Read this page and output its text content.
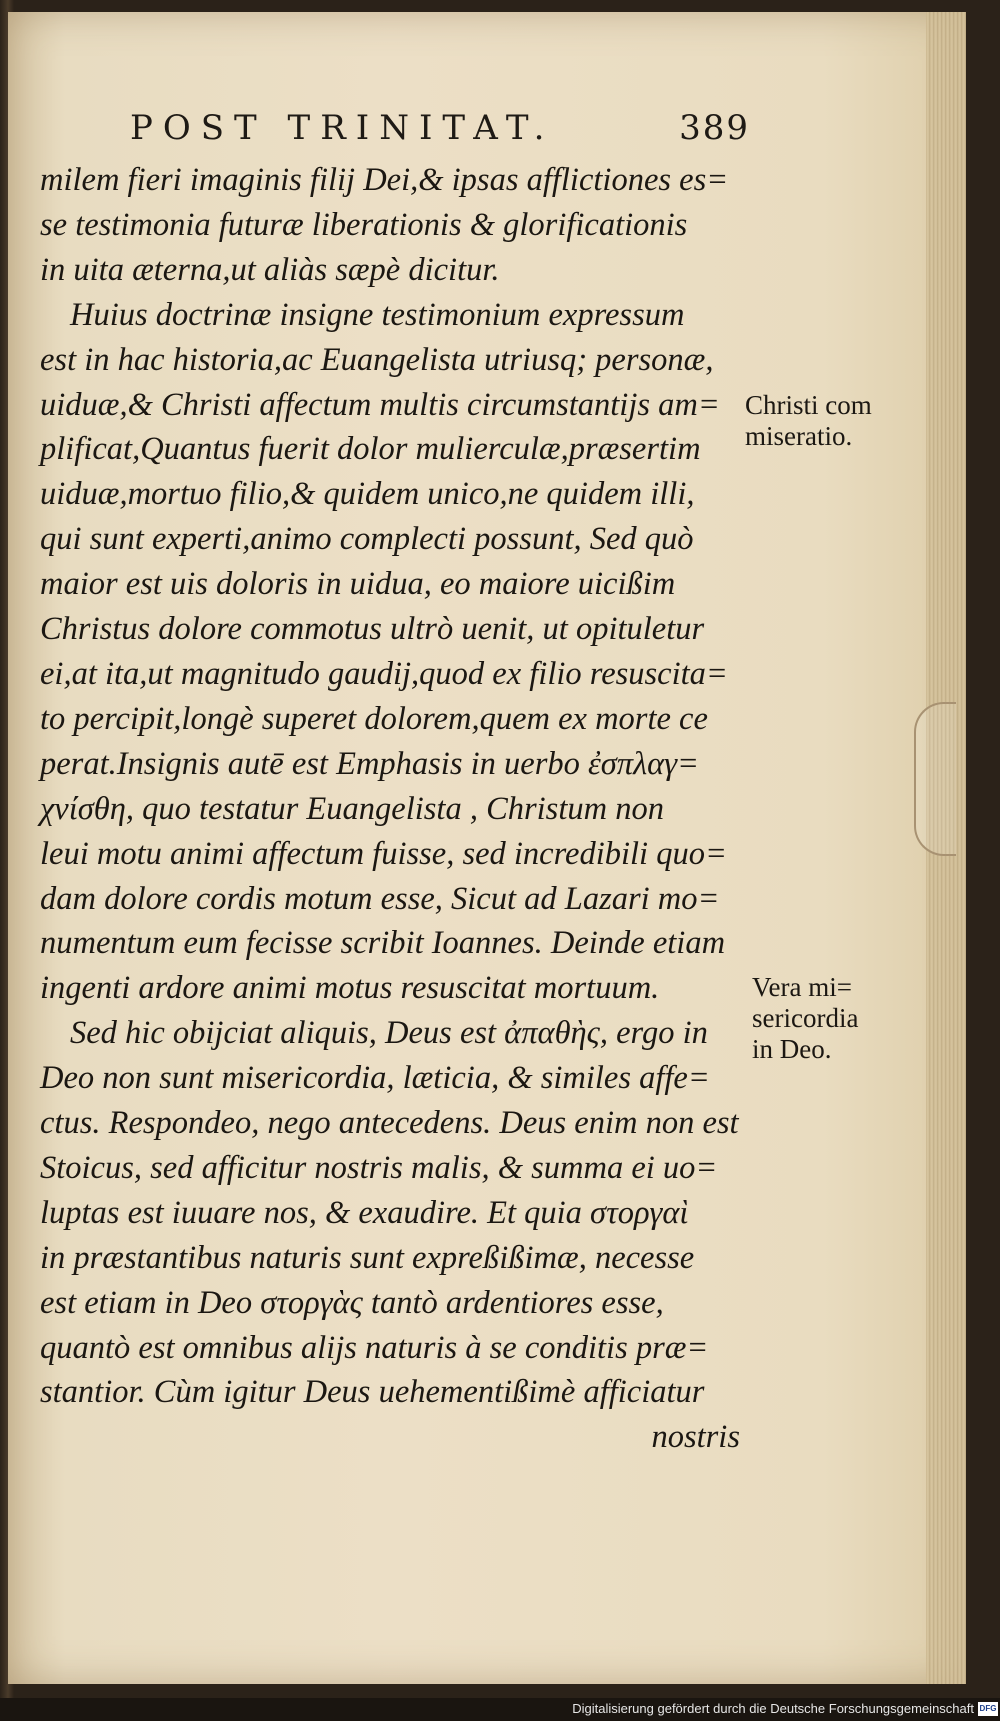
POST TRINITAT.	389
milem fieri imaginis filij Dei,& ipsas afflictiones es=
se testimonia futuræ liberationis & glorificationis
in uita æterna,ut aliàs sæpè dicitur.
Huius doctrinæ insigne testimonium expressum
est in hac historia,ac Euangelista utriusq; personæ,
uiduæ,& Christi affectum multis circumstantijs am=
plificat,Quantus fuerit dolor mulierculæ,præsertim
uiduæ,mortuo filio,& quidem unico,ne quidem illi,
qui sunt experti,animo complecti possunt, Sed quò
maior est uis doloris in uidua, eo maiore uicißim
Christus dolore commotus ultrò uenit, ut opituletur
ei,at ita,ut magnitudo gaudij,quod ex filio resuscita=
to percipit,longè superet dolorem,quem ex morte ce
perat.Insignis autē est Emphasis in uerbo ἐσπλαγ=
χνίσθη, quo testatur Euangelista , Christum non
leui motu animi affectum fuisse, sed incredibili quo=
dam dolore cordis motum esse, Sicut ad Lazari mo=
numentum eum fecisse scribit Ioannes. Deinde etiam
ingenti ardore animi motus resuscitat mortuum.
Sed hic obijciat aliquis, Deus est ἀπαθὴς, ergo in
Deo non sunt misericordia, læticia, & similes affe=
ctus. Respondeo, nego antecedens. Deus enim non est
Stoicus, sed afficitur nostris malis, & summa ei uo=
luptas est iuuare nos, & exaudire. Et quia στοργαὶ
in præstantibus naturis sunt expreßißimæ, necesse
est etiam in Deo στοργὰς tantò ardentiores esse,
quantò est omnibus alijs naturis à se conditis præ=
stantior. Cùm igitur Deus uehementißimè afficiatur
nostris
Christi com
miseratio.
Vera mi=
sericordia
in Deo.
Digitalisierung gefördert durch die Deutsche Forschungsgemeinschaft DFG
